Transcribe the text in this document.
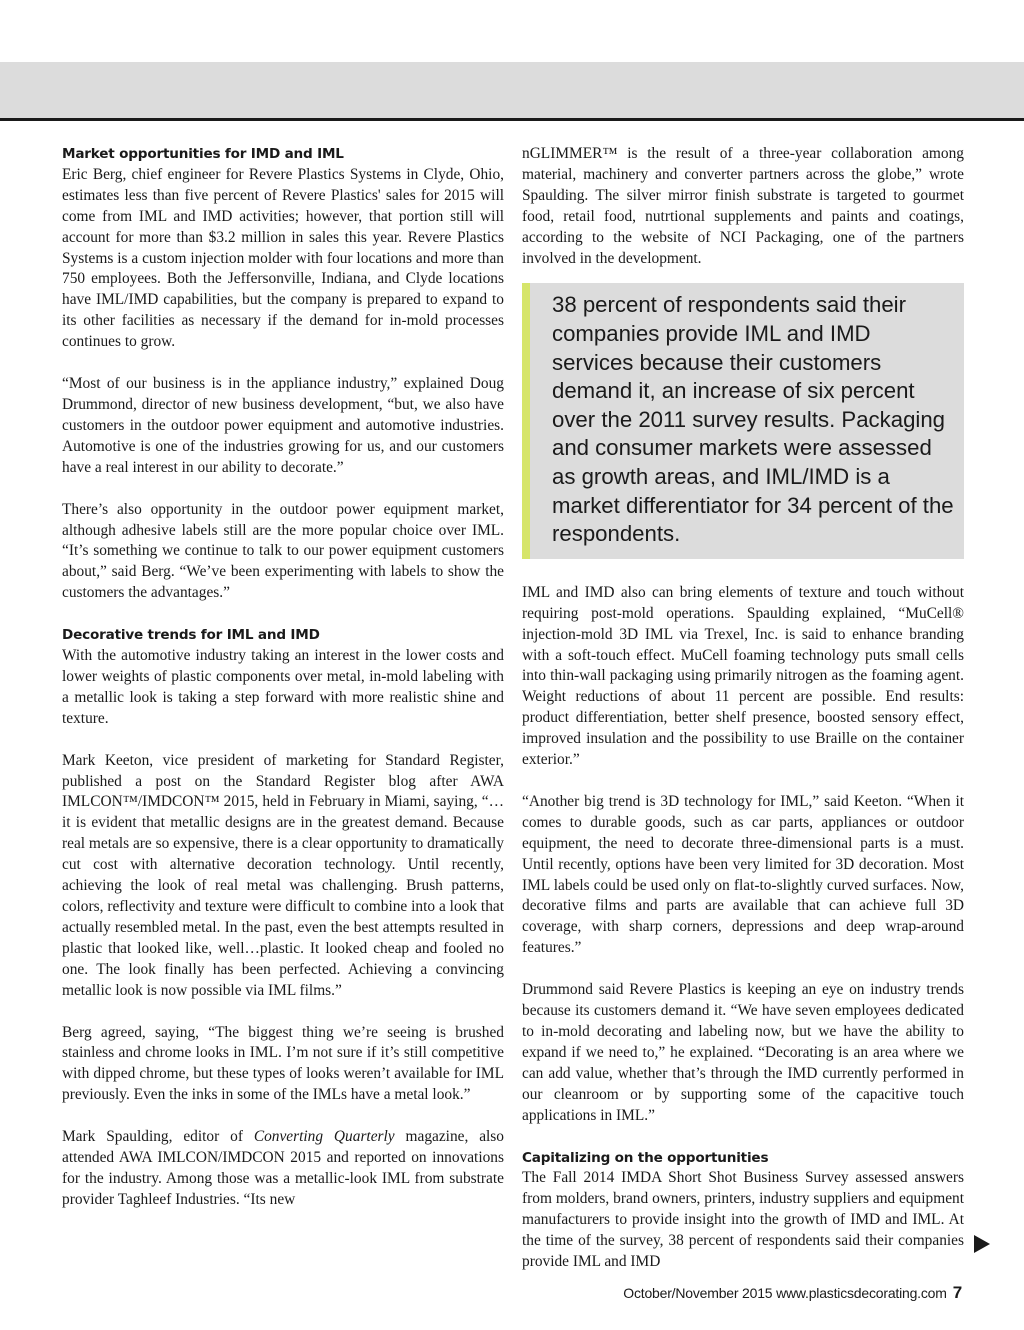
Market opportunities for IMD and IML

Eric Berg, chief engineer for Revere Plastics Systems in Clyde, Ohio, estimates less than five percent of Revere Plastics' sales for 2015 will come from IML and IMD activities; however, that portion still will account for more than $3.2 million in sales this year. Revere Plastics Systems is a custom injection molder with four locations and more than 750 employees. Both the Jeffersonville, Indiana, and Clyde locations have IML/IMD capabilities, but the company is prepared to expand to its other facilities as necessary if the demand for in-mold processes continues to grow.

“Most of our business is in the appliance industry,” explained Doug Drummond, director of new business development, “but, we also have customers in the outdoor power equipment and automotive industries. Automotive is one of the industries growing for us, and our customers have a real interest in our ability to decorate.”

There’s also opportunity in the outdoor power equipment market, although adhesive labels still are the more popular choice over IML. “It’s something we continue to talk to our power equipment customers about,” said Berg. “We’ve been experimenting with labels to show the customers the advantages.”

Decorative trends for IML and IMD

With the automotive industry taking an interest in the lower costs and lower weights of plastic components over metal, in-mold labeling with a metallic look is taking a step forward with more realistic shine and texture.

Mark Keeton, vice president of marketing for Standard Register, published a post on the Standard Register blog after AWA IMLCON™/IMDCON™ 2015, held in February in Miami, saying, “…it is evident that metallic designs are in the greatest demand. Because real metals are so expensive, there is a clear opportunity to dramatically cut cost with alternative decoration technology. Until recently, achieving the look of real metal was challenging. Brush patterns, colors, reflectivity and texture were difficult to combine into a look that actually resembled metal. In the past, even the best attempts resulted in plastic that looked like, well…plastic. It looked cheap and fooled no one. The look finally has been perfected. Achieving a convincing metallic look is now possible via IML films.”

Berg agreed, saying, “The biggest thing we’re seeing is brushed stainless and chrome looks in IML. I’m not sure if it’s still competitive with dipped chrome, but these types of looks weren’t available for IML previously. Even the inks in some of the IMLs have a metal look.”

Mark Spaulding, editor of Converting Quarterly magazine, also attended AWA IMLCON/IMDCON 2015 and reported on innovations for the industry. Among those was a metallic-look IML from substrate provider Taghleef Industries. “Its new

nGLIMMER™ is the result of a three-year collaboration among material, machinery and converter partners across the globe,” wrote Spaulding. The silver mirror finish substrate is targeted to gourmet food, retail food, nutrtional supplements and paints and coatings, according to the website of NCI Packaging, one of the partners involved in the development.

38 percent of respondents said their companies provide IML and IMD services because their customers demand it, an increase of six percent over the 2011 survey results. Packaging and consumer markets were assessed as growth areas, and IML/IMD is a market differentiator for 34 percent of the respondents.

IML and IMD also can bring elements of texture and touch without requiring post-mold operations. Spaulding explained, “MuCell® injection-mold 3D IML via Trexel, Inc. is said to enhance branding with a soft-touch effect. MuCell foaming technology puts small cells into thin-wall packaging using primarily nitrogen as the foaming agent. Weight reductions of about 11 percent are possible. End results: product differentiation, better shelf presence, boosted sensory effect, improved insulation and the possibility to use Braille on the container exterior.”

“Another big trend is 3D technology for IML,” said Keeton. “When it comes to durable goods, such as car parts, appliances or outdoor equipment, the need to decorate three-dimensional parts is a must. Until recently, options have been very limited for 3D decoration. Most IML labels could be used only on flat-to-slightly curved surfaces. Now, decorative films and parts are available that can achieve full 3D coverage, with sharp corners, depressions and deep wrap-around features.”

Drummond said Revere Plastics is keeping an eye on industry trends because its customers demand it. “We have seven employees dedicated to in-mold decorating and labeling now, but we have the ability to expand if we need to,” he explained. “Decorating is an area where we can add value, whether that’s through the IMD currently performed in our cleanroom or by supporting some of the capacitive touch applications in IML.”

Capitalizing on the opportunities

The Fall 2014 IMDA Short Shot Business Survey assessed answers from molders, brand owners, printers, industry suppliers and equipment manufacturers to provide insight into the growth of IMD and IML. At the time of the survey, 38 percent of respondents said their companies provide IML and IMD

October/November 2015 www.plasticsdecorating.com 7
